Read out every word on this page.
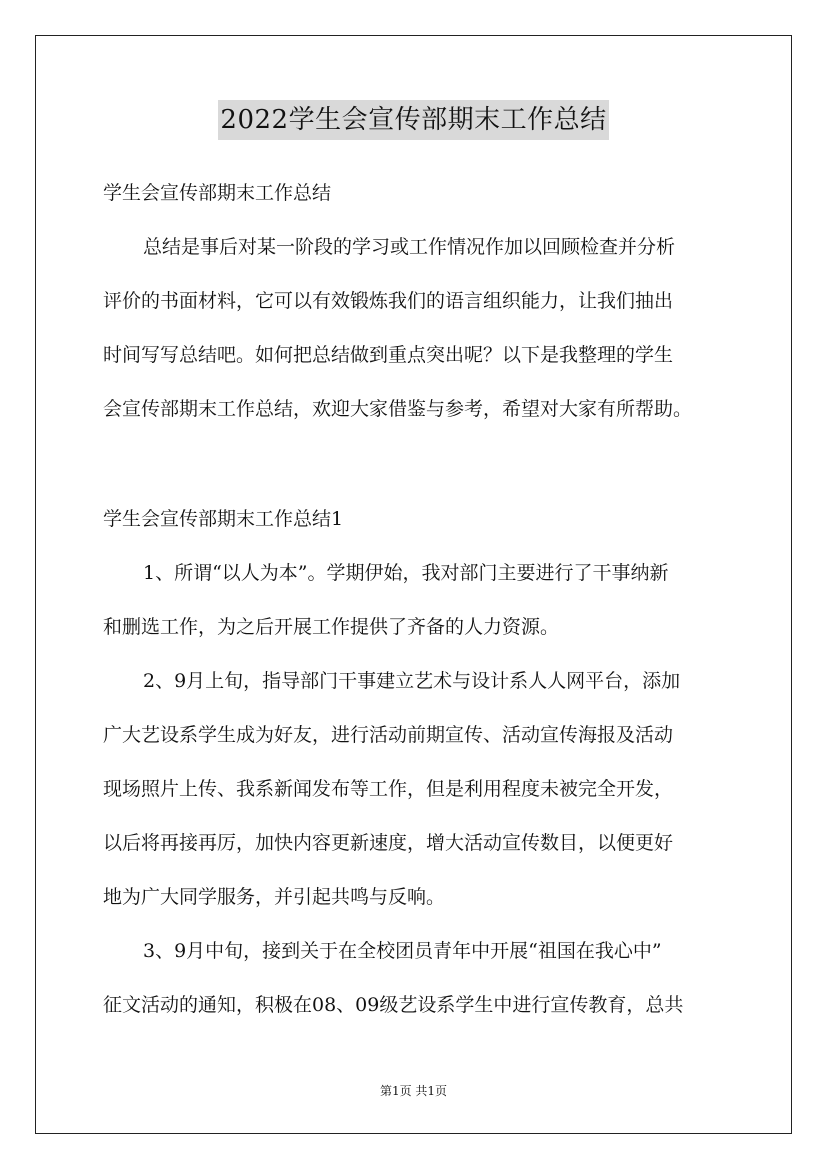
2022学生会宣传部期末工作总结
学生会宣传部期末工作总结
总结是事后对某一阶段的学习或工作情况作加以回顾检查并分析
评价的书面材料，它可以有效锻炼我们的语言组织能力，让我们抽出
时间写写总结吧。如何把总结做到重点突出呢？以下是我整理的学生
会宣传部期末工作总结，欢迎大家借鉴与参考，希望对大家有所帮助。
学生会宣传部期末工作总结1
1、所谓“以人为本”。学期伊始，我对部门主要进行了干事纳新
和删选工作，为之后开展工作提供了齐备的人力资源。
2、9月上旬，指导部门干事建立艺术与设计系人人网平台，添加
广大艺设系学生成为好友，进行活动前期宣传、活动宣传海报及活动
现场照片上传、我系新闻发布等工作，但是利用程度未被完全开发，
以后将再接再厉，加快内容更新速度，增大活动宣传数目，以便更好
地为广大同学服务，并引起共鸣与反响。
3、9月中旬，接到关于在全校团员青年中开展“祖国在我心中”
征文活动的通知，积极在08、09级艺设系学生中进行宣传教育，总共
第1页 共1页
